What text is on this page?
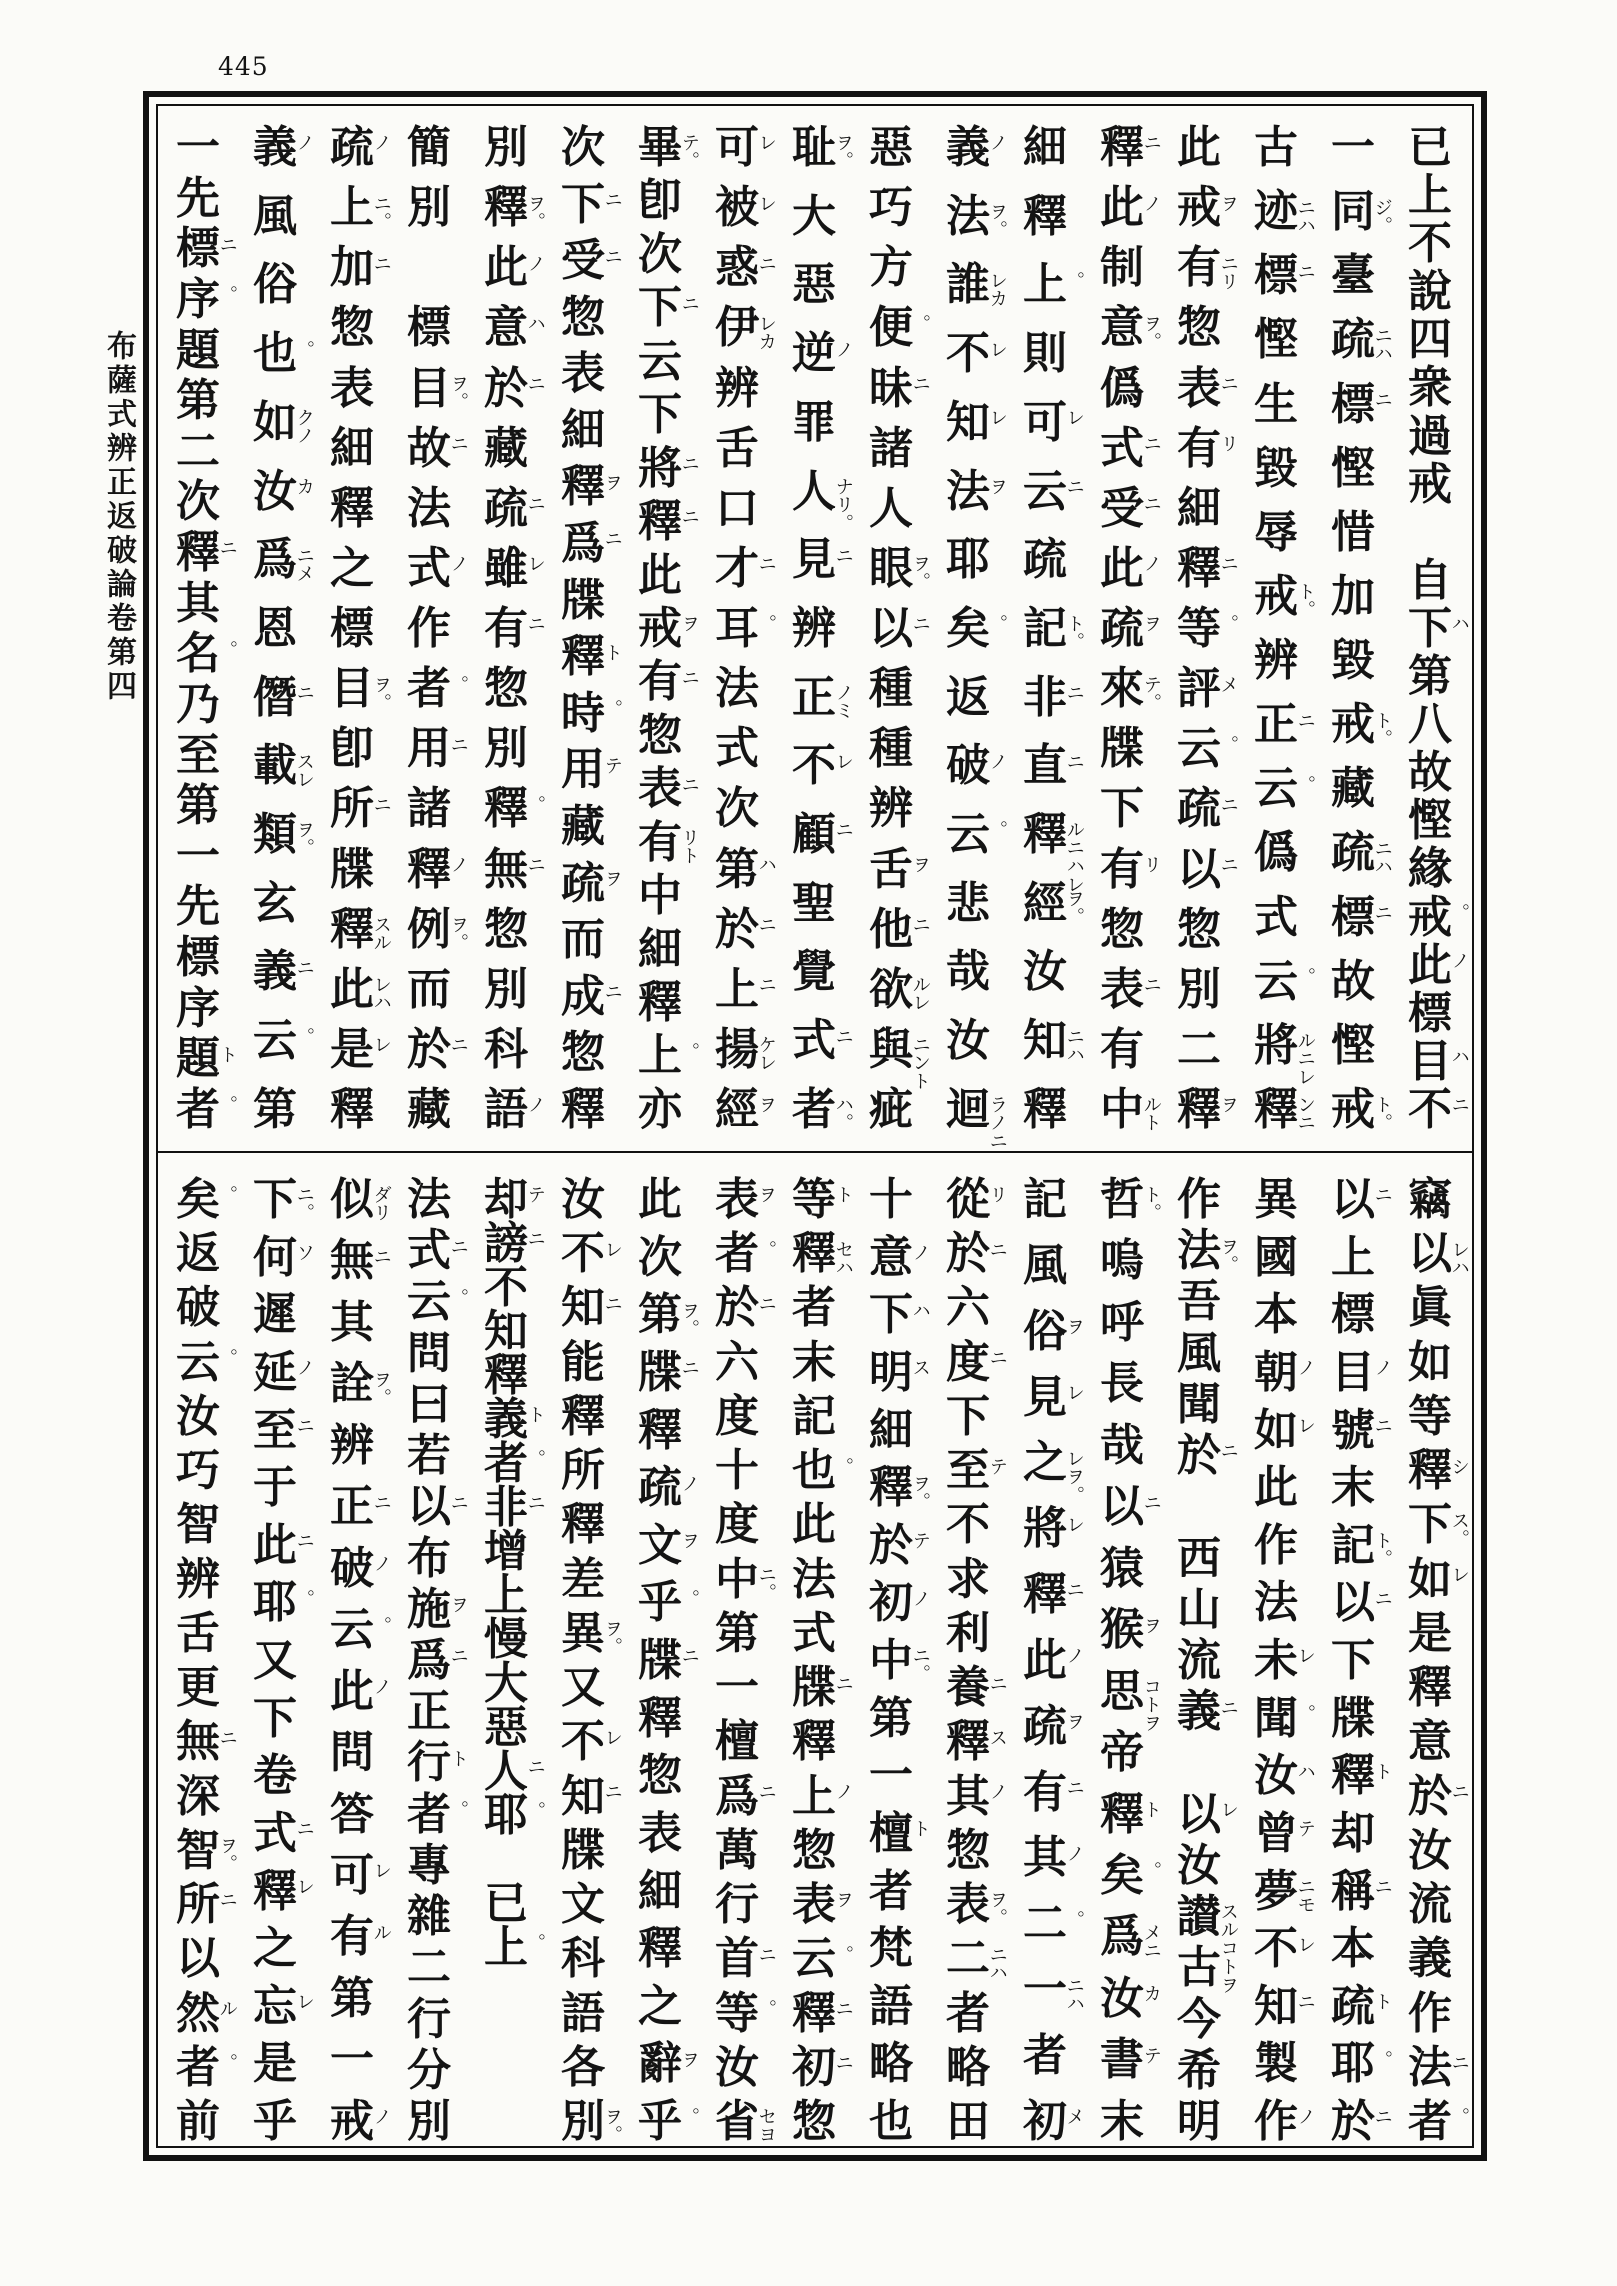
445
布薩式辨正返破論卷第四
已
上
不
說
四
衆
過
戒

自
下
ハ
第
八
故
慳
緣
戒
。
此
ノ
標
目
ハ
不
ニ
一
同
ジ。
臺
疏
ニハ
標
ニ
慳
惜
加
毀
戒
ト。
藏
疏
ニハ
標
ニ
故
慳
戒
ト。
古
迹
ニハ
標
ニ
慳
生
毀
辱
戒
ト。
辨
正
ニ
云
。
僞
式
云
。
將
ルニレ
釋
ンニ
此
戒
ヲ
有
ニリ
惣
表
ニ
有
リ
細
釋
ニ
等
。
評
メ
云
。
疏
ニ
以
ニ
惣
別
二
釋
ヲ
釋
ニ
此
ノ
制
意
ヲ。
僞
式
ニ
受
ニ
此
ノ
疏
ヲ
來
テ。
牒
下
有
リ
惣
表
ニ
有
中
ルト
細
釋
上
。
則
可
レ
云
ニ
疏
記
ト。
非
ニ
直
ニ
釋
ルニハレ
經
ヲ。
汝
知
ニハ
釋
義
ノ
法
ヲ。
誰
レカ
不
レ
知
レ
法
ヲ
耶
矣
。
返
破
ノ
云
。
悲
哉
汝
迴
ラノニ
惡
巧
方
便
。
昧
ニ
諸
人
眼
ヲ。
以
ニ
種
種
辨
舌
ヲ
他
ニ
欲
ルレ
與
ニント
疵
耻
ヲ。
大
惡
逆
ノ
罪
人
ナリ。
見
ニ
辨
正
ノミ
不
レ
顧
ニ
聖
覺
式
ニ
者
ハ。
可
レ
被
レ
惑
ニ
伊
レカ
辨
舌
口
才
ニ
耳
。
法
式
次
第
ハ
於
ニ
上
ニ
揚
ケレ
經
ヲ
畢
テ。
卽
次
下
ニ
云
下
將
ニ
釋
ニ
此
戒
ヲ
有
ニ
惣
表
ニ
有
リト
中
細
釋
上
。
亦
次
下
ニ
受
ニ
惣
表
細
釋
ヲ
爲
ニ
牒
釋
ト
時
。
用
テ
藏
疏
ヲ
而
成
ニ
惣
釋
別
釋
ヲ。
此
ノ
意
ハ
於
ニ
藏
疏
ニ
雖
レ
有
ニ
惣
別
釋
。
無
ニ
惣
別
科
語
ノ
簡
別

標
目
ヲ。
故
ニ
法
式
ノ
作
者
。
用
ニ
諸
釋
ノ
例
ヲ。
而
於
ニ
藏
疏
ノ
上
ニ。
加
ニ
惣
表
細
釋
之
標
目
ヲ。
卽
所
ニ
牒
釋
スル
此
レハ
是
レ
釋
義
ノ
風
俗
也
。
如
クノ
汝
カ
爲
ニメ
恩
僭
ニ
載
スレ
類
ヲ。
玄
義
ニ
云
。
第
一
先
標
ニ
序
。
題
第
二
次
釋
ニ
其
名
。
乃
至
第
一
先
標
序
題
ト
者
。
竊
以
レハ
眞
如
等
釋
シ
下
ス。
如
レ
是
釋
意
於
ニ
汝
流
義
作
法
ニ
者
。
以
ニ
上
標
目
ノ
號
ニ
末
記
ト。
以
ニ
下
牒
釋
ト
却
稱
ニ
本
疏
ト
耶
。
於
ニ
異
國
本
朝
ノ
如
レ
此
作
法
未
レ
聞
。
汝
ハ
曾
テ
夢
ニモ
不
レ
知
ニ
製
作
ノ
作
法
ヲ。
吾
風
聞
於
ニ

西
山
流
義
ニ

以
レ
汝
讃
スルコトヲ
古
今
希
明
哲
ト。
嗚
呼
長
哉
以
ニ
猿
猴
ヲ
思
コトヲ
帝
釋
ト
矣
。
爲
メニ
汝
カ
書
テ
末
記
風
俗
ヲ
見
レ
之
レヲ。
將
レ
釋
ニ
此
ノ
疏
ヲ
有
ニ
其
ノ
二
。
一
ニハ
者
初
メ
從
リ
於
ニ
六
度
ニ
下
至
テ
不
求
利
養
ニ
釋
ス
其
ノ
惣
表
ヲ。
二
ニハ
者
略
田
十
意
ノ
下
ハ
明
ス
細
釋
ヲ。
於
テ
初
ノ
中
ニ。
第
一
檀
ト
者
梵
語
略
也
等
ト
釋
セハ
者
末
記
也
。
此
法
式
牒
ニ
釋
上
ノ
惣
表
ヲ
云
。
釋
ニ
初
ニ
惣
表
ヲ
者
。
於
ニ
六
度
十
度
中
ニ。
第
一
檀
爲
ニ
萬
行
首
ニ
等
。
汝
省
セヨ
此
次
第
ヲ。
牒
ニ
釋
疏
ノ
文
ヲ
乎
。
牒
ニ
釋
惣
表
細
釋
之
辭
ヲ
乎
。
汝
不
レ
知
ニ
能
釋
所
釋
差
異
ヲ。
又
不
レ
知
ニ
牒
文
科
語
各
別
ヲ。
却
テ
謗
ニ
不
知
釋
義
ト
者
。
非
ニ
增
上
慢
大
惡
人
ニ
耶
。

已
上
。
法
式
ニ
云
。
問
曰
若
以
ニ
布
施
ヲ
爲
ニ
正
行
ト
者
。
專
雜
二
行
分
別
似
ダリ
無
ニ
其
詮
ヲ。
辨
正
ニ
破
ノ
云
。
此
ノ
問
答
可
レ
有
ル
第
一
戒
ノ
下
ニ。
何
ソ
遲
延
ノ
至
ニ
于
此
ニ
耶
。
又
下
卷
式
ニ
釋
レ
之
忘
レ
是
乎
矣
。
返
破
云
。
汝
巧
智
辨
舌
更
無
ニ
深
智
ヲ。
所
ニ
以
然
ル
者
。
前
